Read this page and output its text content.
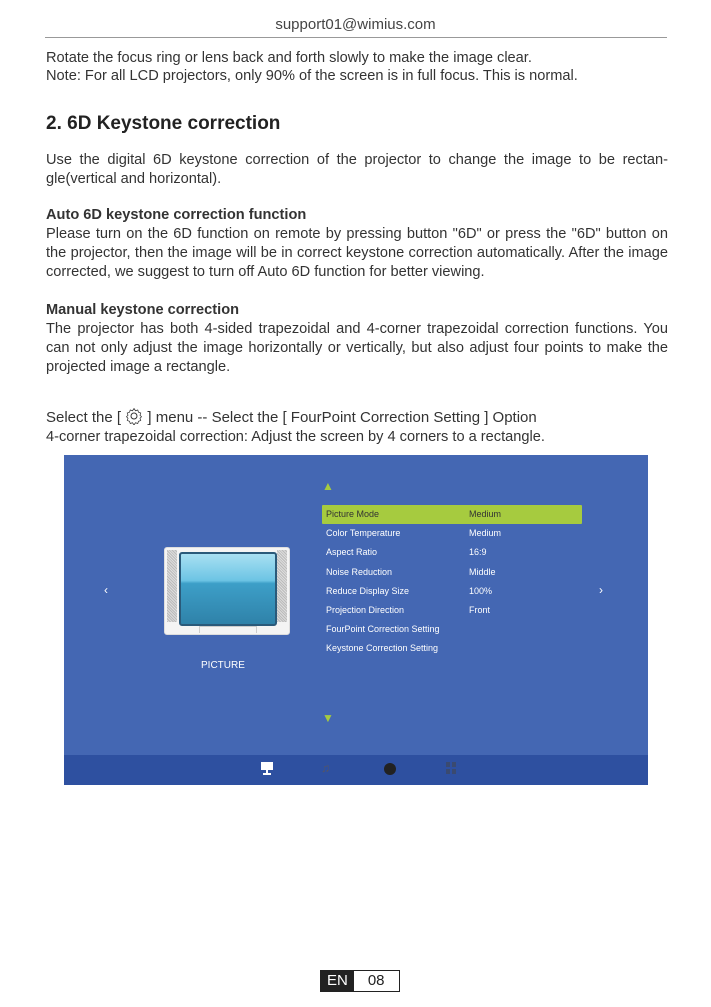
support01@wimius.com
Rotate the focus ring or lens back and forth slowly to make the image clear.
Note: For all LCD projectors, only 90% of the screen is in full focus. This is normal.
2. 6D Keystone correction
Use the digital 6D keystone correction of the projector to change the image to be rectan-gle(vertical and horizontal).
Auto 6D keystone correction function
Please turn on the 6D function on remote by pressing button "6D" or press the "6D" button on the projector, then the image will be in correct keystone correction automatically. After the image corrected, we suggest to turn off Auto 6D function for better viewing.
Manual keystone correction
The projector has both 4-sided trapezoidal and 4-corner trapezoidal correction functions. You can not only adjust the image horizontally or vertically, but also adjust four points to make the projected image a rectangle.
Select the [ ] menu -- Select the [ FourPoint Correction Setting ] Option
4-corner trapezoidal correction: Adjust the screen by 4 corners to a rectangle.
▲
▼
‹	›
PICTURE
Picture Mode	Medium
Color Temperature	Medium
Aspect Ratio	16:9
Noise Reduction	Middle
Reduce Display Size	100%
Projection Direction	Front
FourPoint Correction Setting
Keystone Correction Setting
♫
EN	08
